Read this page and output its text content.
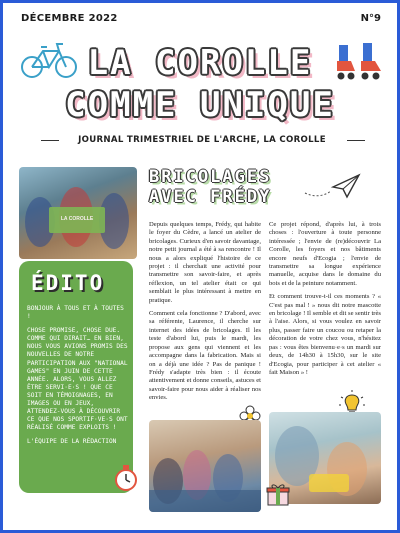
DÉCEMBRE 2022	N°9
LA COROLLE
COMME UNIQUE
JOURNAL TRIMESTRIEL DE L'ARCHE, LA COROLLE
LA COROLLE
ÉDITO

BONJOUR À TOUS ET À TOUTES !

CHOSE PROMISE, CHOSE DUE. COMME QUI DIRAIT… EN BIEN, NOUS VOUS AVIONS PROMIS DES NOUVELLES DE NOTRE PARTICIPATION AUX "NATIONAL GAMES" EN JUIN DE CETTE ANNÉE. ALORS, VOUS ALLEZ ÊTRE SERVI·E·S ! QUE CE SOIT EN TÉMOIGNAGES, EN IMAGES OU EN JEUX, ATTENDEZ-VOUS À DÉCOUVRIR CE QUE NOS SPORTIF·VE·S ONT RÉALISÉ COMME EXPLOITS !

L'ÉQUIPE DE LA RÉDACTION

BRICOLAGES
AVEC FRÉDY

Depuis quelques temps, Frédy, qui habite le foyer du Cèdre, a lancé un atelier de bricolages. Curieux d'en savoir davantage, notre petit journal a été à sa rencontre ! Il nous a alors expliqué l'histoire de ce projet : il cherchait une activité pour transmettre son savoir-faire, et après réflexion, un tel atelier était ce qui semblait le plus intéressant à mettre en pratique.

Comment cela fonctionne ? D'abord, avec sa référente, Laurence, il cherche sur internet des idées de bricolages. Il les teste d'abord lui, puis le mardi, les propose aux gens qui viennent et les accompagne dans la fabrication. Mais si on a déjà une idée ? Pas de panique ! Frédy s'adapte très bien : il écoute attentivement et donne conseils, astuces et savoir-faire pour nous aider à réaliser nos envies.

Ce projet répond, d'après lui, à trois choses : l'ouverture à toute personne intéressée ; l'envie de (re)découvrir La Corolle, les foyers et nos bâtiments encore neufs d'Ecogia ; l'envie de transmettre sa longue expérience manuelle, acquise dans le domaine du bois et de la peinture notamment.

Et comment trouve-t-il ces moments ? « C'est pas mal ! » nous dit notre mascotte en bricolage ! Il semble et dit se sentir très à l'aise. Alors, si vous voulez en savoir plus, passer faire un coucou ou retaper la décoration de votre chez vous, n'hésitez pas : vous êtes bienvenu·e·s un mardi sur deux, de 14h30 à 15h30, sur le site d'Ecogia, pour participer à cet atelier « fait Maison » !
